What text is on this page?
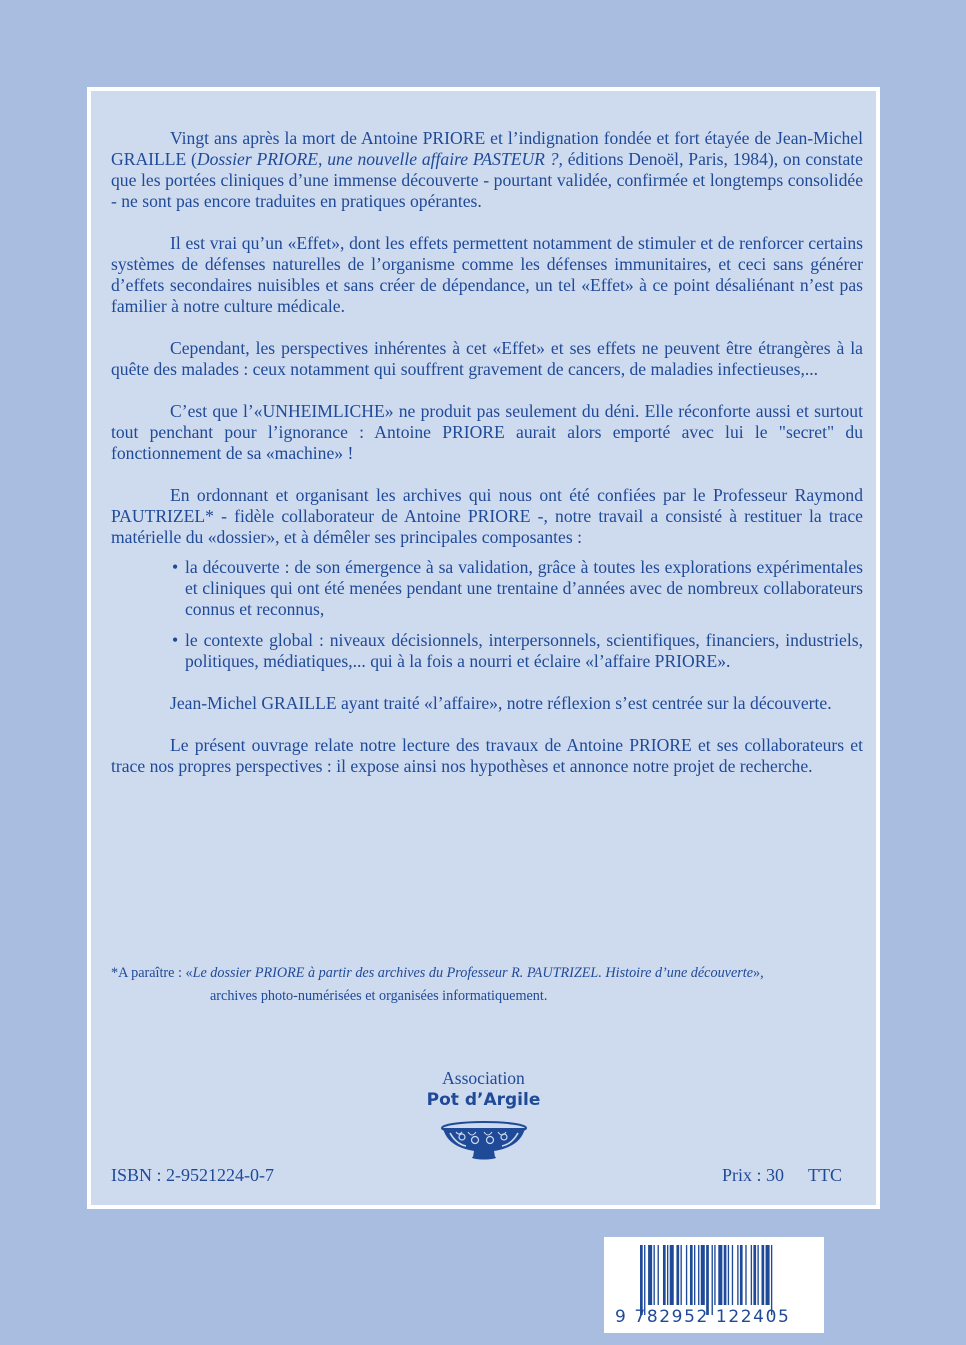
Vingt ans après la mort de Antoine PRIORE et l’indignation fondée et fort étayée de Jean-Michel GRAILLE (Dossier PRIORE, une nouvelle affaire PASTEUR ?, éditions Denoël, Paris, 1984), on constate que les portées cliniques d’une immense découverte - pourtant validée, confirmée et longtemps consolidée - ne sont pas encore traduites en pratiques opérantes.

Il est vrai qu’un «Effet», dont les effets permettent notamment de stimuler et de renforcer certains systèmes de défenses naturelles de l’organisme comme les défenses immunitaires, et ceci sans générer d’effets secondaires nuisibles et sans créer de dépendance, un tel «Effet» à ce point désaliénant n’est pas familier à notre culture médicale.

Cependant, les perspectives inhérentes à cet «Effet» et ses effets ne peuvent être étrangères à la quête des malades : ceux notamment qui souffrent gravement de cancers, de maladies infectieuses,...

C’est que l’«UNHEIMLICHE» ne produit pas seulement du déni. Elle réconforte aussi et surtout tout penchant pour l’ignorance : Antoine PRIORE aurait alors emporté avec lui le "secret" du fonctionnement de sa «machine» !

En ordonnant et organisant les archives qui nous ont été confiées par le Professeur Raymond PAUTRIZEL* - fidèle collaborateur de Antoine PRIORE -, notre travail a consisté à restituer la trace matérielle du «dossier», et à démêler ses principales composantes :

• la découverte : de son émergence à sa validation, grâce à toutes les explorations expérimentales et cliniques qui ont été menées pendant une trentaine d’années avec de nombreux collaborateurs connus et reconnus,
• le contexte global : niveaux décisionnels, interpersonnels, scientifiques, financiers, industriels, politiques, médiatiques,... qui à la fois a nourri et éclaire «l’affaire PRIORE».

Jean-Michel GRAILLE ayant traité «l’affaire», notre réflexion s’est centrée sur la découverte.

Le présent ouvrage relate notre lecture des travaux de Antoine PRIORE et ses collaborateurs et trace nos propres perspectives : il expose ainsi nos hypothèses et annonce notre projet de recherche.

*A paraître : «Le dossier PRIORE à partir des archives du Professeur R. PAUTRIZEL. Histoire d’une découverte»,
archives photo-numérisées et organisées informatiquement.
Association
Pot d’Argile
ISBN : 2-9521224-0-7	Prix : 30 TTC
9 782952 122405
